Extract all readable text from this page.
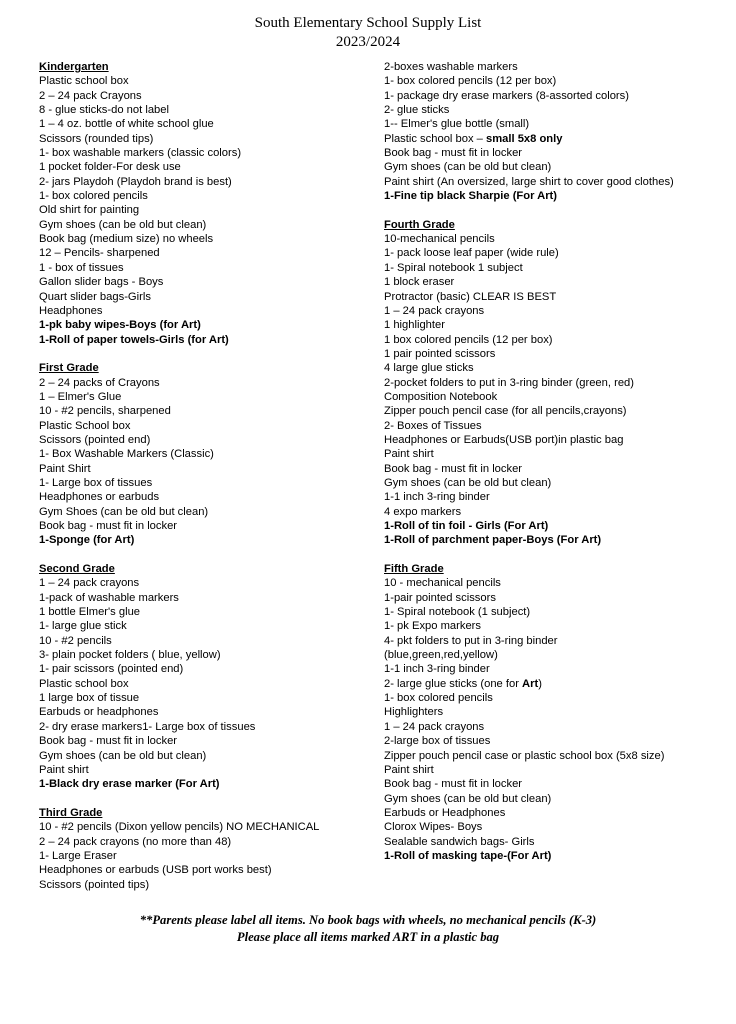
South Elementary School Supply List
2023/2024
Kindergarten
Plastic school box
2 – 24 pack Crayons
8 - glue sticks-do not label
1 – 4 oz. bottle of white school glue
Scissors (rounded tips)
1- box washable markers (classic colors)
1 pocket folder-For desk use
2- jars Playdoh (Playdoh brand is best)
1- box colored pencils
Old shirt for painting
Gym shoes (can be old but clean)
Book bag (medium size) no wheels
12 – Pencils- sharpened
1 - box of tissues
Gallon slider bags - Boys
Quart slider bags-Girls
Headphones
1-pk baby wipes-Boys (for Art)
1-Roll of paper towels-Girls (for Art)
First Grade
2 – 24 packs of Crayons
1 – Elmer's Glue
10 - #2 pencils, sharpened
Plastic School box
Scissors (pointed end)
1- Box Washable Markers (Classic)
Paint Shirt
1- Large box of tissues
Headphones or earbuds
Gym Shoes (can be old but clean)
Book bag - must fit in locker
1-Sponge (for Art)
Second Grade
1 – 24 pack crayons
1-pack of washable markers
1 bottle Elmer's glue
1- large glue stick
10 - #2 pencils
3- plain pocket folders ( blue, yellow)
1- pair scissors (pointed end)
Plastic school box
1 large box of tissue
Earbuds or headphones
2- dry erase markers1- Large box of tissues
Book bag - must fit in locker
Gym shoes (can be old but clean)
Paint shirt
1-Black dry erase marker (For Art)
Third Grade
10 - #2 pencils (Dixon yellow pencils) NO MECHANICAL
2 – 24 pack crayons (no more than 48)
1- Large Eraser
Headphones or earbuds (USB port works best)
Scissors (pointed tips)
2-boxes washable markers
1- box colored pencils (12 per box)
1- package dry erase markers (8-assorted colors)
2- glue sticks
1-- Elmer's glue bottle (small)
Plastic school box – small 5x8 only
Book bag - must fit in locker
Gym shoes (can be old but clean)
Paint shirt (An oversized, large shirt to cover good clothes)
1-Fine tip black Sharpie (For Art)
Fourth Grade
10-mechanical pencils
1- pack loose leaf paper (wide rule)
1- Spiral notebook 1 subject
1 block eraser
Protractor (basic) CLEAR IS BEST
1 – 24 pack crayons
1 highlighter
1 box colored pencils (12 per box)
1 pair pointed scissors
4 large glue sticks
2-pocket folders to put in 3-ring binder (green, red)
Composition Notebook
Zipper pouch pencil case (for all pencils,crayons)
2- Boxes of Tissues
Headphones or Earbuds(USB port)in plastic bag
Paint shirt
Book bag - must fit in locker
Gym shoes (can be old but clean)
1-1 inch 3-ring binder
4 expo markers
1-Roll of tin foil - Girls (For Art)
1-Roll of parchment paper-Boys (For Art)
Fifth Grade
10 - mechanical pencils
1-pair pointed scissors
1- Spiral notebook (1 subject)
1- pk Expo markers
4- pkt folders to put in 3-ring binder
(blue,green,red,yellow)
1-1 inch 3-ring binder
2- large glue sticks (one for Art)
1- box colored pencils
Highlighters
1 – 24 pack crayons
2-large box of tissues
Zipper pouch pencil case or plastic school box (5x8 size)
Paint shirt
Book bag - must fit in locker
Gym shoes (can be old but clean)
Earbuds or Headphones
Clorox Wipes- Boys
Sealable sandwich bags- Girls
1-Roll of masking tape-(For Art)
**Parents please label all items. No book bags with wheels, no mechanical pencils (K-3)
Please place all items marked ART in a plastic bag
